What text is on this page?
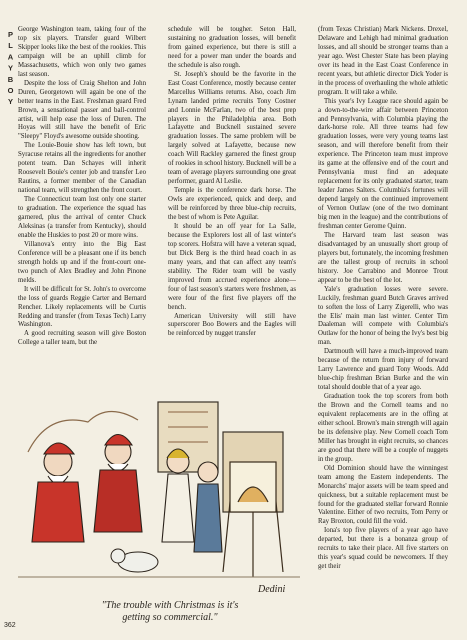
PLAYBOY

George Washington team, taking four of the top six players. Transfer guard Wilbert Skipper looks like the best of the rookies. This campaign will be an uphill climb for Massachusetts, which won only two games last season.

Despite the loss of Craig Shelton and John Duren, Georgetown will again be one of the better teams in the East. Freshman guard Fred Brown, a sensational passer and ball-control artist, will help ease the loss of Duren. The Hoyas will still have the benefit of Eric "Sleepy" Floyd's awesome outside shooting.

The Louie-Bouie show has left town, but Syracuse retains all the ingredients for another potent team. Dan Schayes will inherit Roosevelt Bouie's center job and transfer Leo Rautins, a former member of the Canadian national team, will strengthen the front court.

The Connecticut team lost only one starter to graduation. The experience the squad has garnered, plus the arrival of center Chuck Aleksinas (a transfer from Kentucky), should enable the Huskies to post 20 or more wins.

Villanova's entry into the Big East Conference will be a pleasant one if its bench strength holds up and if the front-court one-two punch of Alex Bradley and John Pinone melds.

It will be difficult for St. John's to overcome the loss of guards Reggie Carter and Bernard Rencher. Likely replacements will be Curtis Redding and transfer (from Texas Tech) Larry Washington.

A good recruiting season will give Boston College a taller team, but the

schedule will be tougher. Seton Hall, sustaining no graduation losses, will benefit from gained experience, but there is still a need for a power man under the boards and the schedule is also rough.

St. Joseph's should be the favorite in the East Coast Conference, mostly because center Marcellus Williams returns. Also, coach Jim Lynam landed prime recruits Tony Costner and Lonnie McFarlan, two of the best prep players in the Philadelphia area. Both Lafayette and Bucknell sustained severe graduation losses. The same problem will be largely solved at Lafayette, because new coach Will Rackley garnered the finest group of rookies in school history. Bucknell will be a team of average players surrounding one great performer, guard Al Leslie.

Temple is the conference dark horse. The Owls are experienced, quick and deep, and will be reinforced by three blue-chip recruits, the best of whom is Pete Aguilar.

It should be an off year for La Salle, because the Explorers lost all of last winter's top scorers. Hofstra will have a veteran squad, but Dick Berg is the third head coach in as many years, and that can affect any team's stability. The Rider team will be vastly improved from accrued experience alone—four of last season's starters were freshmen, as were four of the first five players off the bench.

American University will still have superscorer Boo Bowers and the Eagles will be reinforced by nugget transfer

(from Texas Christian) Mark Nickens. Drexel, Delaware and Lehigh had minimal graduation losses, and all should be stronger teams than a year ago. West Chester State has been playing over its head in the East Coast Conference in recent years, but athletic director Dick Yoder is in the process of overhauling the whole athletic program. It will take a while.

This year's Ivy League race should again be a down-to-the-wire affair between Princeton and Pennsylvania, with Columbia playing the dark-horse role. All three teams had few graduation losses, were very young teams last season, and will therefore benefit from their experience. The Princeton team must improve its game at the offensive end of the court and Pennsylvania must find an adequate replacement for its only graduated starter, team leader James Salters. Columbia's fortunes will depend largely on the continued improvement of Vernon Outlaw (one of the two dominant big men in the league) and the contributions of freshman center Gerome Quinn.

The Harvard team last season was disadvantaged by an unusually short group of players but, fortunately, the incoming freshmen are the tallest group of recruits in school history. Joe Carrabino and Monroe Trout appear to be the best of the lot.

Yale's graduation losses were severe. Luckily, freshman guard Butch Graves arrived to soften the loss of Larry Zigerelli, who was the Elis' main man last winter. Center Tim Daaleman will compete with Columbia's Outlaw for the honor of being the Ivy's best big man.

Dartmouth will have a much-improved team because of the return from injury of forward Larry Lawrence and guard Tony Woods. Add blue-chip freshman Brian Burke and the win total should double that of a year ago.

Graduation took the top scorers from both the Brown and the Cornell teams and no equivalent replacements are in the offing at either school. Brown's main strength will again be its defensive play. New Cornell coach Tom Miller has brought in eight recruits, so chances are good that there will be a couple of nuggets in the group.

Old Dominion should have the winningest team among the Eastern independents. The Monarchs' major assets will be team speed and quickness, but a suitable replacement must be found for the graduated stellar forward Ronnie Valentine. Either of two recruits, Tom Perry or Ray Broxton, could fill the void.

Iona's top five players of a year ago have departed, but there is a bonanza group of recruits to take their place. All five starters on this year's squad could be newcomers. If they get their

Dedini
"The trouble with Christmas is it's
getting so commercial."
362
